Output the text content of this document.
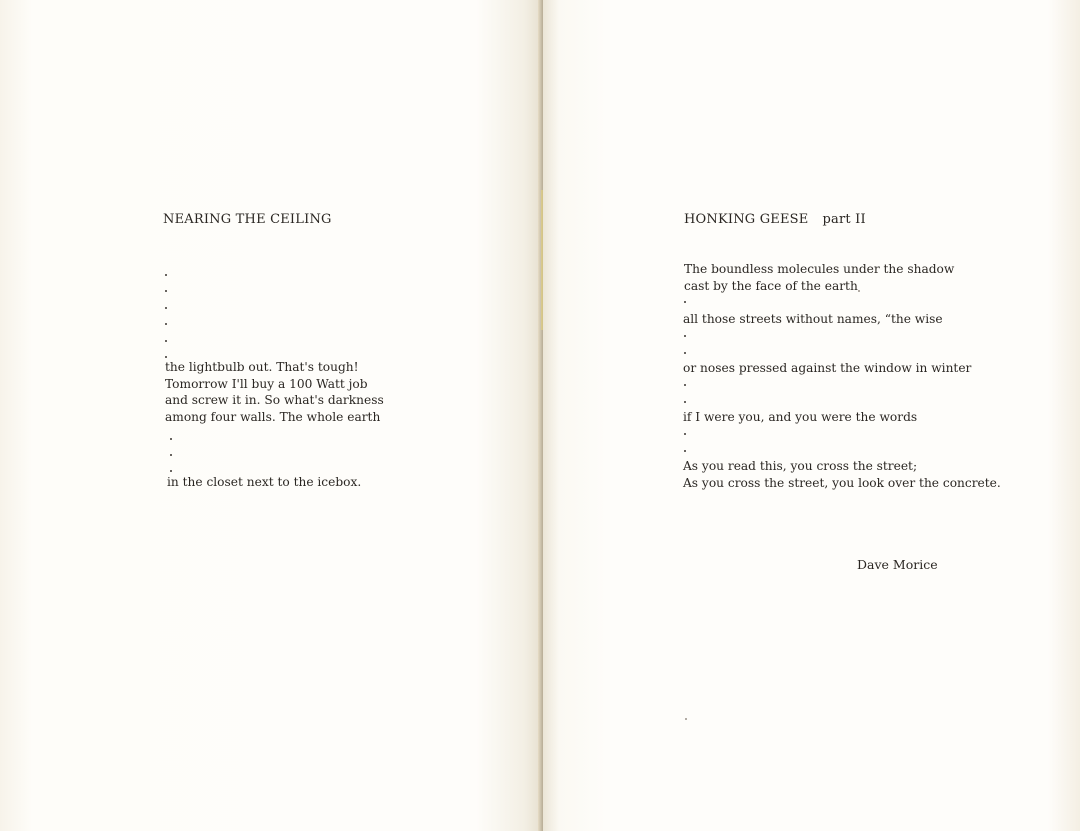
NEARING THE CEILING
the lightbulb out. That's tough!
Tomorrow I'll buy a 100 Watt job
and screw it in. So what's darkness
among four walls. The whole earth
in the closet next to the icebox.
HONKING GEESE part II
The boundless molecules under the shadow
cast by the face of the earth
all those streets without names, “the wise
or noses pressed against the window in winter
if I were you, and you were the words
As you read this, you cross the street;
As you cross the street, you look over the concrete.
Dave Morice
